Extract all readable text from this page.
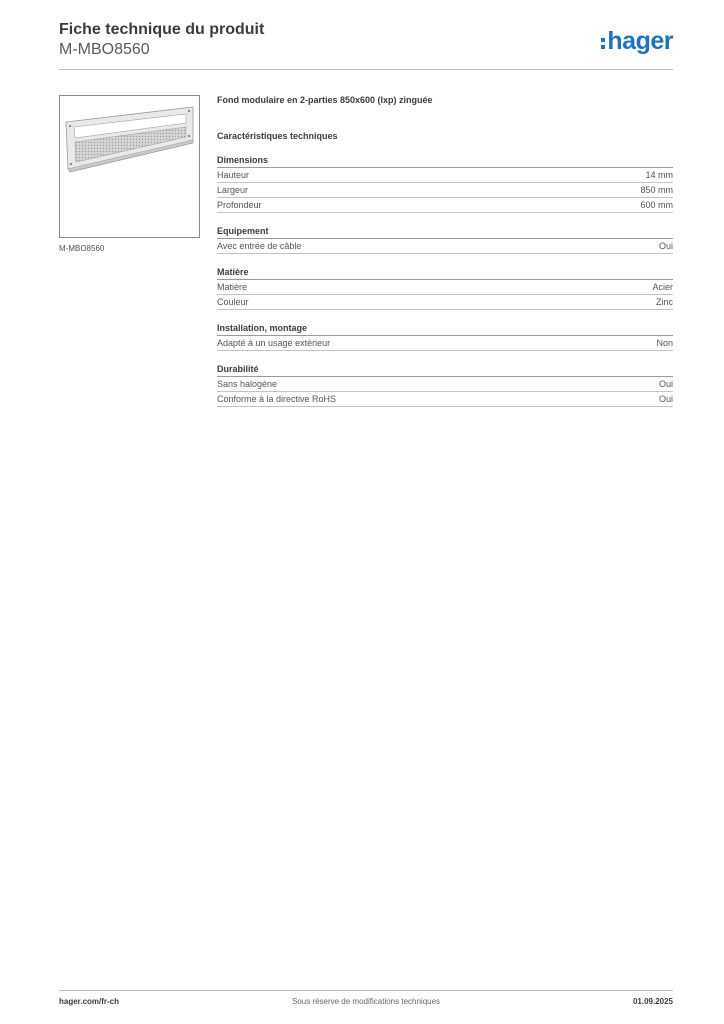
Fiche technique du produit
M-MBO8560	hager
M-MBO8560
Fond modulaire en 2-parties 850x600 (lxp) zinguée
Caractéristiques techniques
Dimensions
Hauteur	14 mm
Largeur	850 mm
Profondeur	600 mm
Equipement
Avec entrée de câble	Oui
Matière
Matière	Acier
Couleur	Zinc
Installation, montage
Adapté à un usage extérieur	Non
Durabilité
Sans halogène	Oui
Conforme à la directive RoHS	Oui
hager.com/fr-ch	Sous réserve de modifications techniques	01.09.2025
